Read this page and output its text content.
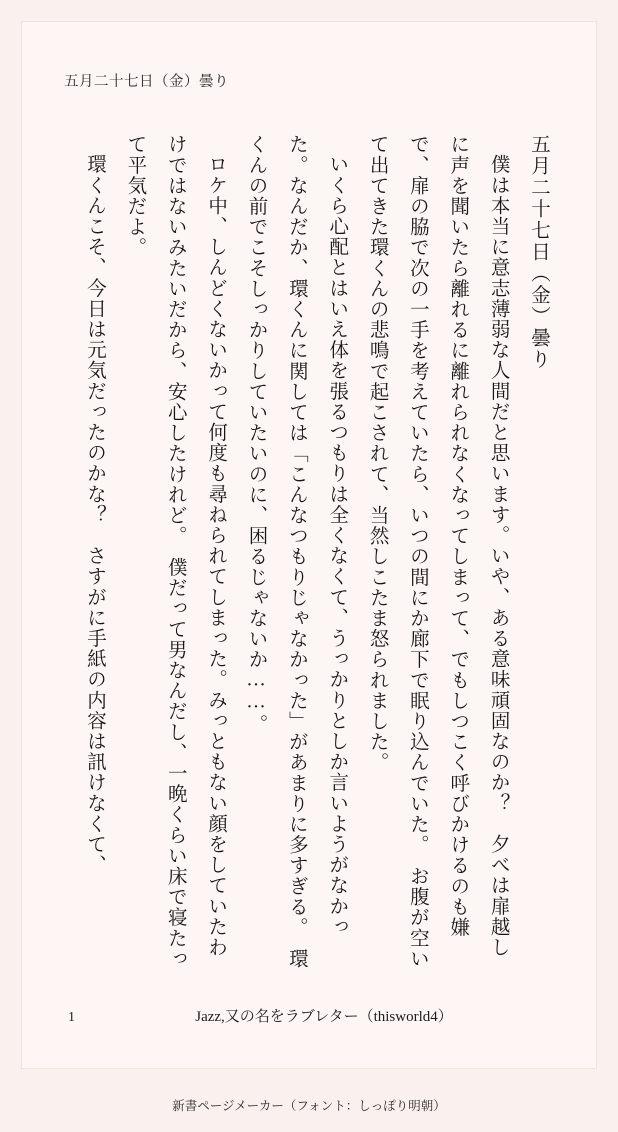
五月二十七日（金）曇り

五月二十七日（金）曇り

僕は本当に意志薄弱な人間だと思います。いや、ある意味頑固なのか？　夕べは扉越しに声を聞いたら離れるに離れられなくなってしまって、でもしつこく呼びかけるのも嫌で、扉の脇で次の一手を考えていたら、いつの間にか廊下で眠り込んでいた。　お腹が空いて出てきた環くんの悲鳴で起こされて、当然しこたま怒られました。

いくら心配とはいえ体を張るつもりは全くなくて、うっかりとしか言いようがなかった。なんだか、環くんに関しては「こんなつもりじゃなかった」があまりに多すぎる。　環くんの前でこそしっかりしていたいのに、困るじゃないか……。

ロケ中、しんどくないかって何度も尋ねられてしまった。みっともない顔をしていたわけではないみたいだから、安心したけれど。　僕だって男なんだし、一晩くらい床で寝たって平気だよ。

環くんこそ、今日は元気だったのかな？　さすがに手紙の内容は訊けなくて、

1	Jazz,又の名をラブレター（thisworld4）
新書ページメーカー（フォント：しっぽり明朝）
